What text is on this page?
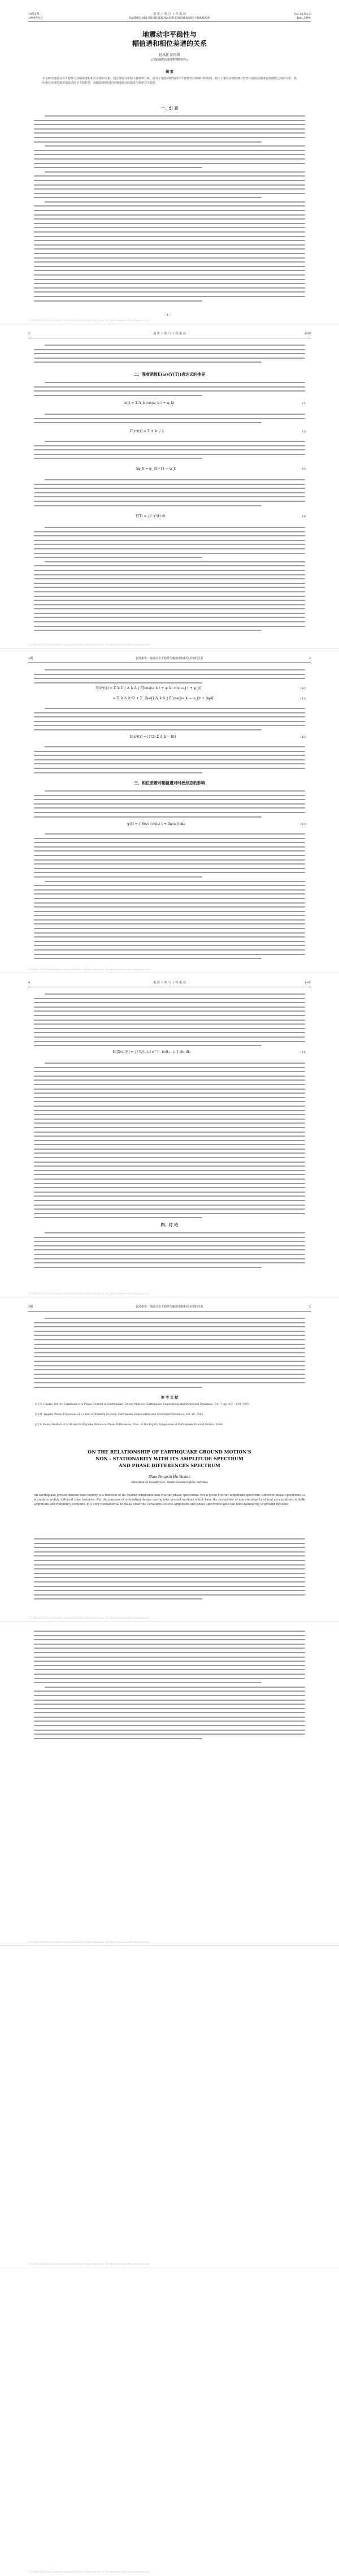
14卷2期
1994年6月
地 震 工 程 与 工 程 振 动
EARTHQUAKE ENGINEERING AND ENGINEERING VIBRATION
Vol.14,No.2
Jun.,1994
地震动非平稳性与
幅值谱和相位差谱的关系
赵凤新 胡聿贤
(国家地震局地球物理研究所)
摘 要
本文研究地震动非平稳性与其幅值谱和相位差谱的关系。通过理论分析和大量数值计算，探讨了地震动时程的非平稳特性在频域中的体现，给出了相位差谱的统计特性与地震动强度包络函数之间的关系，指出相位差谱控制着地震动的非平稳特性，而幅值谱则同时影响地震动的强度与频率非平稳性。
一、引 言
—1—
(C) 1994-2012 China Academic Journal Electronic Publishing House. All rights reserved. http://www.cnki.net
2	地 震 工 程 与 工 程 振 动	14卷
二、强度函数E(ω)(Y(T))表达式的推导
x(t) = Σ A_k cos(ω_k t + φ_k)	(1)
E[x²(t)] = Σ A_k² / 2	(2)
Δφ_k = φ_{k+1} − φ_k	(3)
Y(T) = ∫₀ᵀ x²(t) dt	(4)
(C) 1994-2012 China Academic Journal Electronic Publishing House. All rights reserved. http://www.cnki.net
2期	赵凤新等：地震动非平稳性与幅值谱和相位差谱的关系	3
E[x²(t)] = Σ_k Σ_j A_k A_j E[cos(ω_k t + φ_k) cos(ω_j t + φ_j)]	(10)
= Σ_k A_k²/2 + Σ_{k≠j} A_k A_j E[cos((ω_k − ω_j)t + Δφ)]	(11)
E[x²(t)] ≈ (1/2) Σ A_k² · f(t)	(12)
三、相位差谱对幅值谱对时程形态的影响
ψ(t) = ∫ S(ω) cos[ω t + Δφ(ω)] dω	(13)
(C) 1994-2012 China Academic Journal Electronic Publishing House. All rights reserved. http://www.cnki.net
4	地 震 工 程 与 工 程 振 动	14卷
E[|X(ω)|²] = ∫∫ R(t₁,t₂) e^{−iω(t₁−t₂)} dt₁ dt₂	(14)
四、讨 论
(C) 1994-2012 China Academic Journal Electronic Publishing House. All rights reserved. http://www.cnki.net
2期	赵凤新等：地震动非平稳性与幅值谱和相位差谱的关系	5
参 考 文 献
[1] N. Ohsaki, On the Significance of Phase Content in Earthquake Ground Motions, Earthquake Engineering and Structural Dynamics, Vol. 7, pp. 427—439, 1979.
[2] M. Nigam, Phase Properties of a Class of Random Process, Earthquake Engineering and Structural Dynamics, Vol. 10, 1982.
[3] K. Kubo, Method of Artificial Earthquake Waves on Phase Differences, Proc. of the Eighth Symposium of Earthquake Ground Motion, 1986.
ON THE RELATIONSHIP OF EARTHQUAKE GROUND MOTION'S
NON - STATIONARITY WITH ITS AMPLITUDE SPECTRUM
AND PHASE DIFFERENCES SPECTRUM
Zhao Fengxin Hu Yuxian
(Institute of Geophysics, State Seismological Bureau)
An earthquake ground motion time history is a function of its Fourier amplitude and Fourier phase spectrums. For a given Fourier amplitude spectrum, different phase spectrums can produce widely different time histories. For the purpose of simulating design earthquake ground motions which have the properties of non-stationarity of real accelerations in both amplitude and frequency contents, it is very fundamental to make clear the variations of both amplitude and phase spectrums with the non-stationarity of ground motions.
(C) 1994-2012 China Academic Journal Electronic Publishing House. All rights reserved. http://www.cnki.net
(C) 1994-2012 China Academic Journal Electronic Publishing House. All rights reserved. http://www.cnki.net
(C) 1994-2012 China Academic Journal Electronic Publishing House. All rights reserved. http://www.cnki.net
(C) 1994-2012 China Academic Journal Electronic Publishing House. All rights reserved. http://www.cnki.net
